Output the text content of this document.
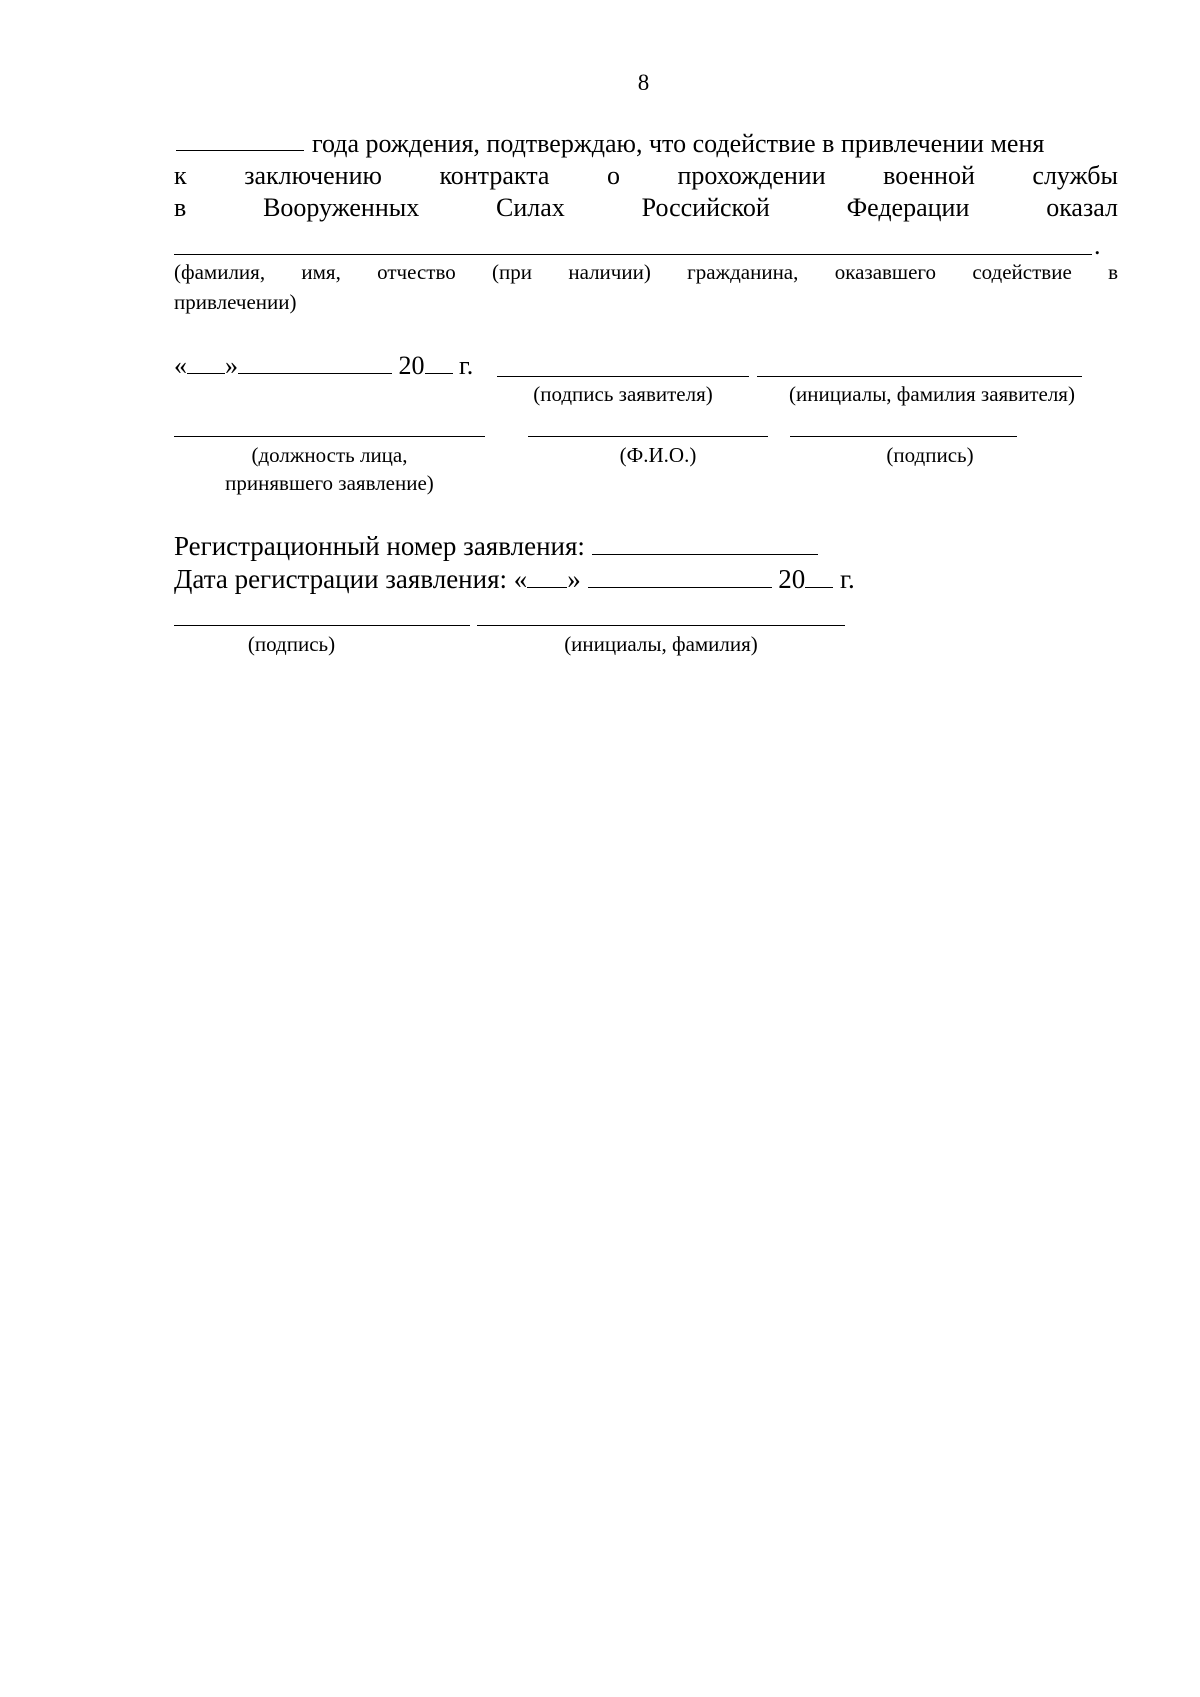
8
года рождения, подтверждаю, что содействие в привлечении меня
к заключению контракта о прохождении военной службы
в	Вооруженных	Силах	Российской	Федерации	оказал
.
(фамилия, имя, отчество (при наличии) гражданина, оказавшего содействие в
привлечении)
« »	20 г.
(подпись заявителя)	(инициалы, фамилия заявителя)
(должность лица,
принявшего заявление)
(Ф.И.О.)	(подпись)
Регистрационный номер заявления:
Дата регистрации заявления: « »	20 г.
(подпись)	(инициалы, фамилия)
